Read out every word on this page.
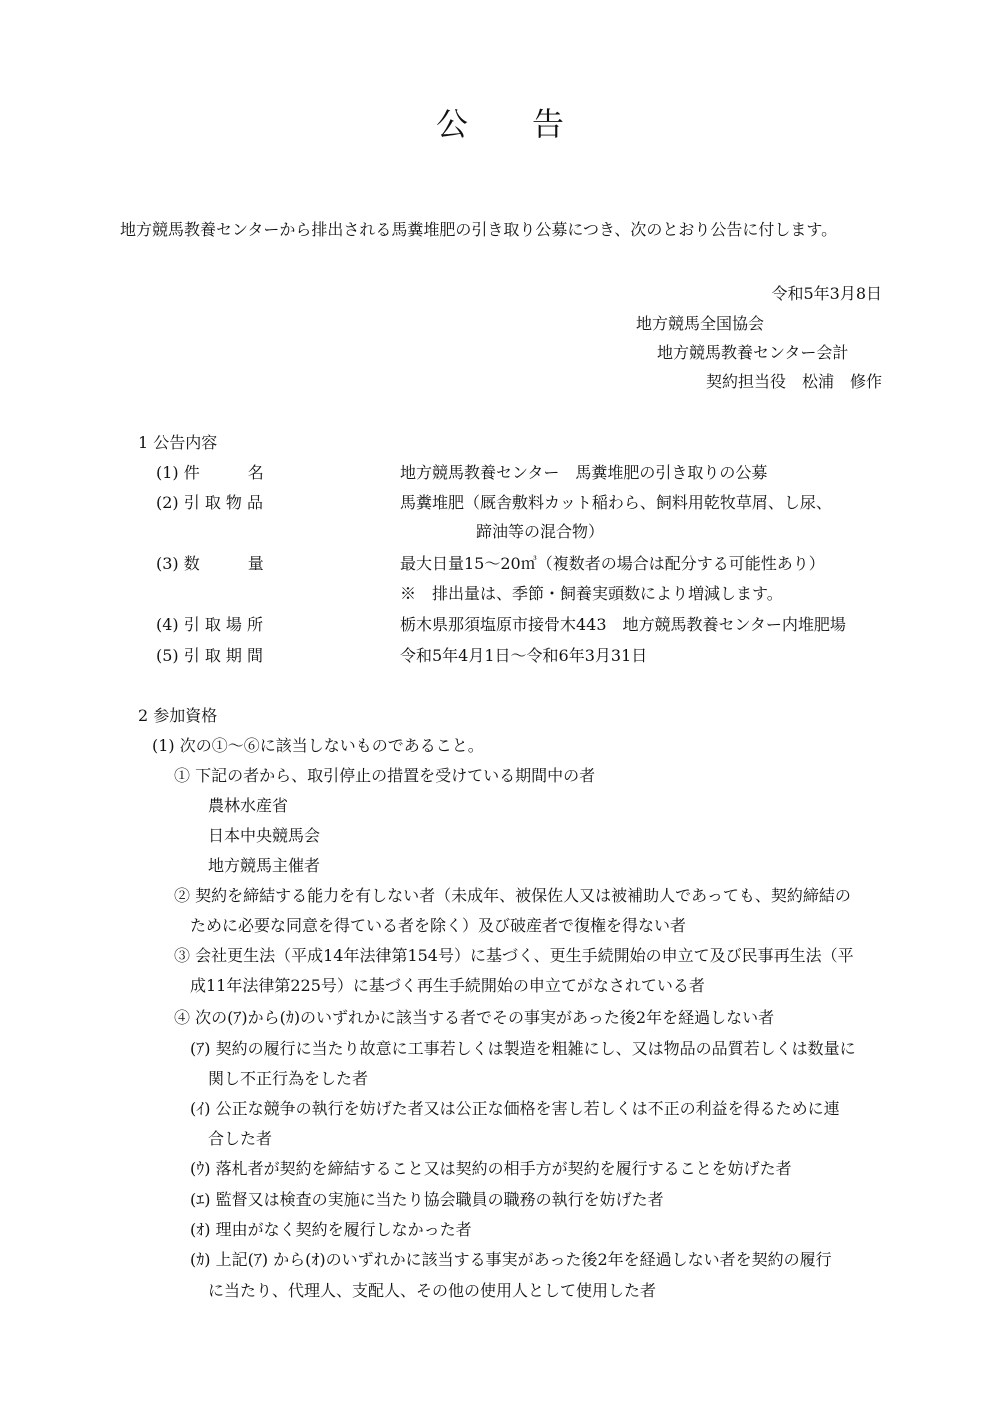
公　告
地方競馬教養センターから排出される馬糞堆肥の引き取り公募につき、次のとおり公告に付します。
令和5年3月8日
地方競馬全国協会
地方競馬教養センター会計
契約担当役　松浦　修作
1 公告内容
(1) 件　　　名	地方競馬教養センター　馬糞堆肥の引き取りの公募
(2) 引 取 物 品	馬糞堆肥（厩舎敷料カット稲わら、飼料用乾牧草屑、し尿、
蹄油等の混合物）
(3) 数　　　量	最大日量15～20㎥（複数者の場合は配分する可能性あり）
※　排出量は、季節・飼養実頭数により増減します。
(4) 引 取 場 所	栃木県那須塩原市接骨木443　地方競馬教養センター内堆肥場
(5) 引 取 期 間	令和5年4月1日～令和6年3月31日
2 参加資格
(1) 次の①～⑥に該当しないものであること。
① 下記の者から、取引停止の措置を受けている期間中の者
農林水産省
日本中央競馬会
地方競馬主催者
② 契約を締結する能力を有しない者（未成年、被保佐人又は被補助人であっても、契約締結の
ために必要な同意を得ている者を除く）及び破産者で復権を得ない者
③ 会社更生法（平成14年法律第154号）に基づく、更生手続開始の申立て及び民事再生法（平
成11年法律第225号）に基づく再生手続開始の申立てがなされている者
④ 次の(ｱ)から(ｶ)のいずれかに該当する者でその事実があった後2年を経過しない者
(ｱ) 契約の履行に当たり故意に工事若しくは製造を粗雑にし、又は物品の品質若しくは数量に
関し不正行為をした者
(ｲ) 公正な競争の執行を妨げた者又は公正な価格を害し若しくは不正の利益を得るために連
合した者
(ｳ) 落札者が契約を締結すること又は契約の相手方が契約を履行することを妨げた者
(ｴ) 監督又は検査の実施に当たり協会職員の職務の執行を妨げた者
(ｵ) 理由がなく契約を履行しなかった者
(ｶ) 上記(ｱ) から(ｵ)のいずれかに該当する事実があった後2年を経過しない者を契約の履行
に当たり、代理人、支配人、その他の使用人として使用した者
